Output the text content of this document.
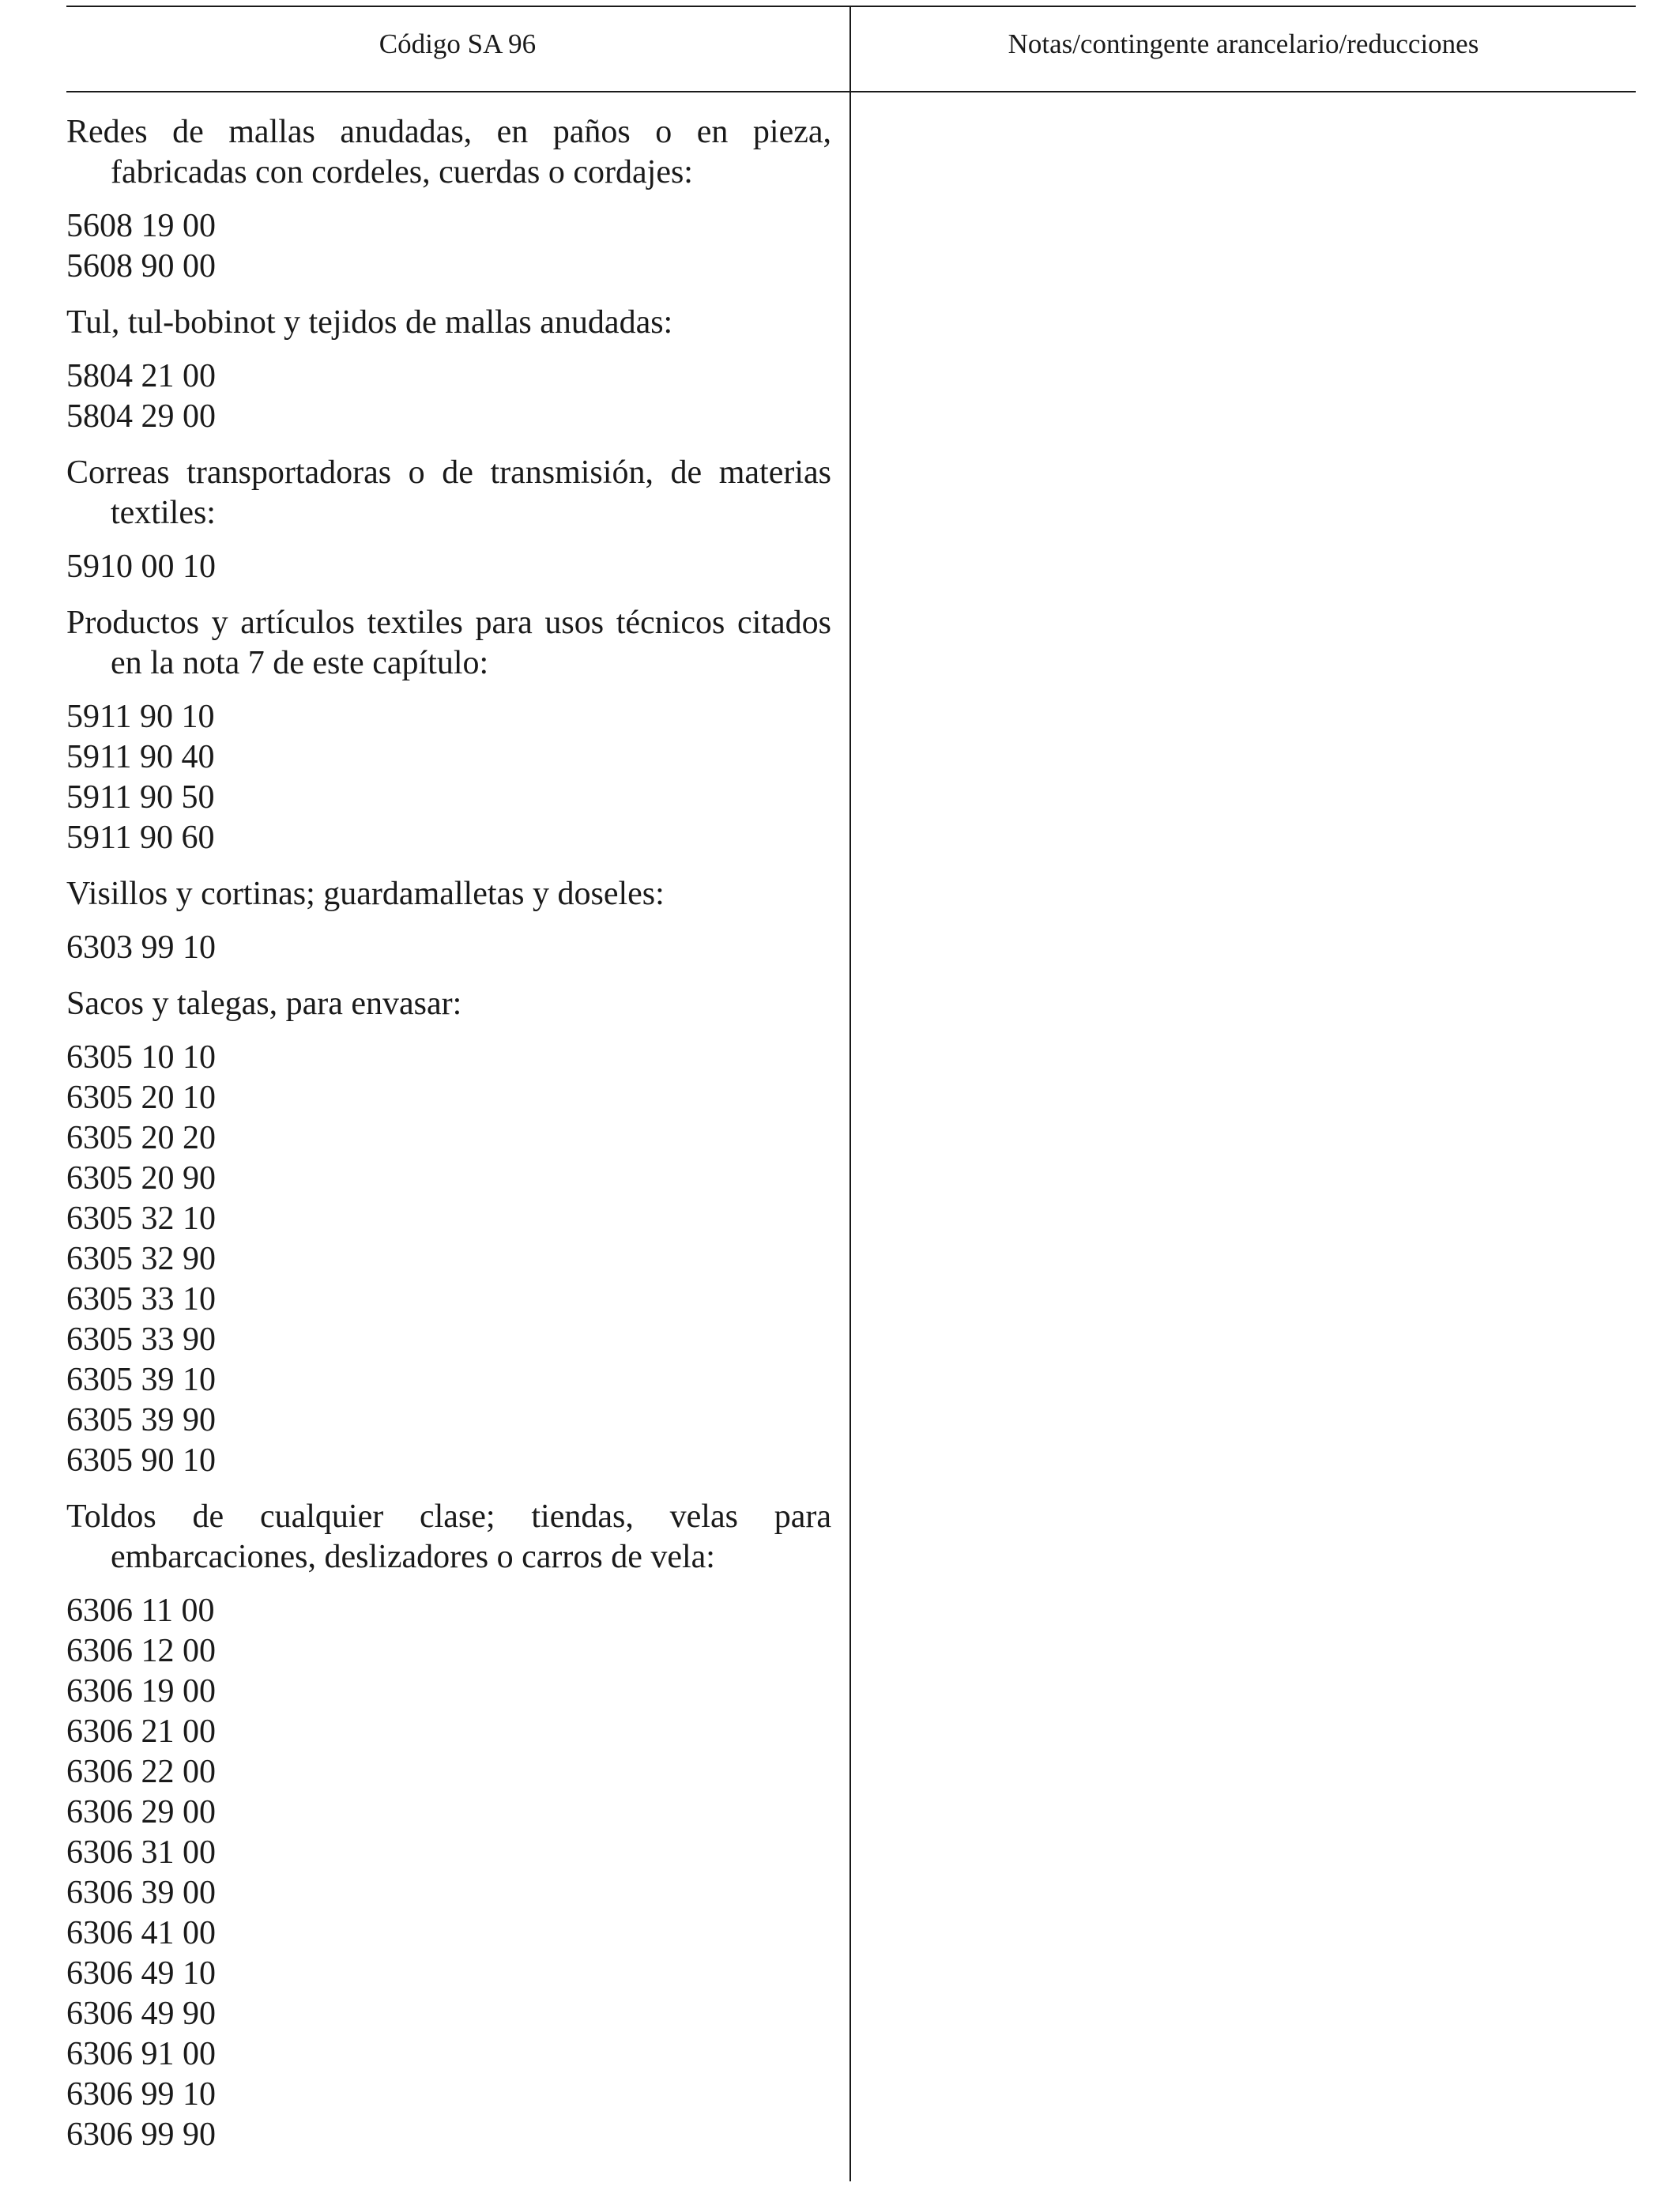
Código SA 96	Notas/contingente arancelario/reducciones

Redes de mallas anudadas, en paños o en pieza, fabricadas con cordeles, cuerdas o cordajes:

5608 19 00
5608 90 00

Tul, tul-bobinot y tejidos de mallas anudadas:

5804 21 00
5804 29 00

Correas transportadoras o de transmisión, de materias textiles:

5910 00 10

Productos y artículos textiles para usos técnicos citados en la nota 7 de este capítulo:

5911 90 10
5911 90 40
5911 90 50
5911 90 60

Visillos y cortinas; guardamalletas y doseles:

6303 99 10

Sacos y talegas, para envasar:

6305 10 10
6305 20 10
6305 20 20
6305 20 90
6305 32 10
6305 32 90
6305 33 10
6305 33 90
6305 39 10
6305 39 90
6305 90 10

Toldos de cualquier clase; tiendas, velas para embarcaciones, deslizadores o carros de vela:

6306 11 00
6306 12 00
6306 19 00
6306 21 00
6306 22 00
6306 29 00
6306 31 00
6306 39 00
6306 41 00
6306 49 10
6306 49 90
6306 91 00
6306 99 10
6306 99 90
